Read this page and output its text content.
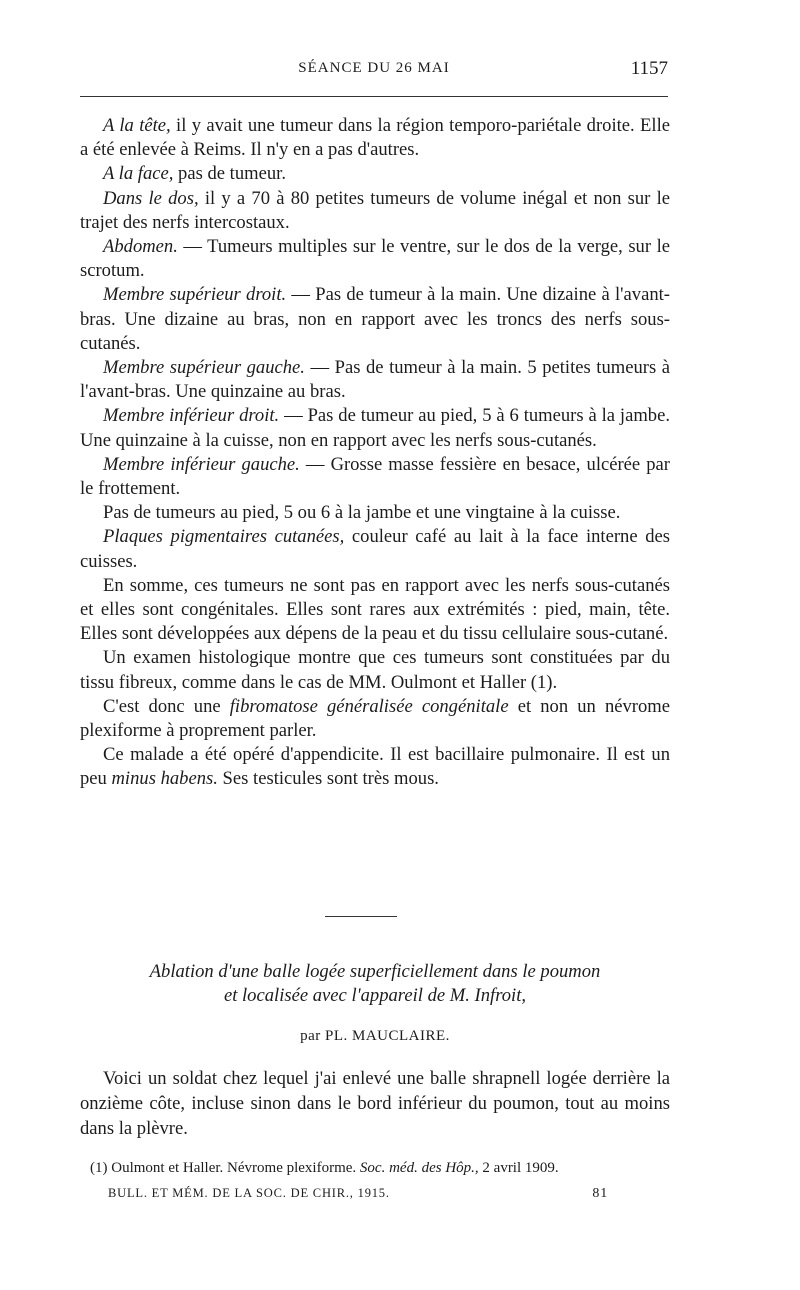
SÉANCE DU 26 MAI	1157

A la tête, il y avait une tumeur dans la région temporo-pariétale droite. Elle a été enlevée à Reims. Il n'y en a pas d'autres.

A la face, pas de tumeur.

Dans le dos, il y a 70 à 80 petites tumeurs de volume inégal et non sur le trajet des nerfs intercostaux.

Abdomen. — Tumeurs multiples sur le ventre, sur le dos de la verge, sur le scrotum.

Membre supérieur droit. — Pas de tumeur à la main. Une dizaine à l'avant-bras. Une dizaine au bras, non en rapport avec les troncs des nerfs sous-cutanés.

Membre supérieur gauche. — Pas de tumeur à la main. 5 petites tumeurs à l'avant-bras. Une quinzaine au bras.

Membre inférieur droit. — Pas de tumeur au pied, 5 à 6 tumeurs à la jambe. Une quinzaine à la cuisse, non en rapport avec les nerfs sous-cutanés.

Membre inférieur gauche. — Grosse masse fessière en besace, ulcérée par le frottement.

Pas de tumeurs au pied, 5 ou 6 à la jambe et une vingtaine à la cuisse.

Plaques pigmentaires cutanées, couleur café au lait à la face interne des cuisses.

En somme, ces tumeurs ne sont pas en rapport avec les nerfs sous-cutanés et elles sont congénitales. Elles sont rares aux extrémités : pied, main, tête. Elles sont développées aux dépens de la peau et du tissu cellulaire sous-cutané.

Un examen histologique montre que ces tumeurs sont constituées par du tissu fibreux, comme dans le cas de MM. Oulmont et Haller (1).

C'est donc une fibromatose généralisée congénitale et non un névrome plexiforme à proprement parler.

Ce malade a été opéré d'appendicite. Il est bacillaire pulmonaire. Il est un peu minus habens. Ses testicules sont très mous.

Ablation d'une balle logée superficiellement dans le poumon
et localisée avec l'appareil de M. Infroit,
par PL. MAUCLAIRE.

Voici un soldat chez lequel j'ai enlevé une balle shrapnell logée derrière la onzième côte, incluse sinon dans le bord inférieur du poumon, tout au moins dans la plèvre.

(1) Oulmont et Haller. Névrome plexiforme. Soc. méd. des Hôp., 2 avril 1909.
BULL. ET MÉM. DE LA SOC. DE CHIR., 1915.	81
